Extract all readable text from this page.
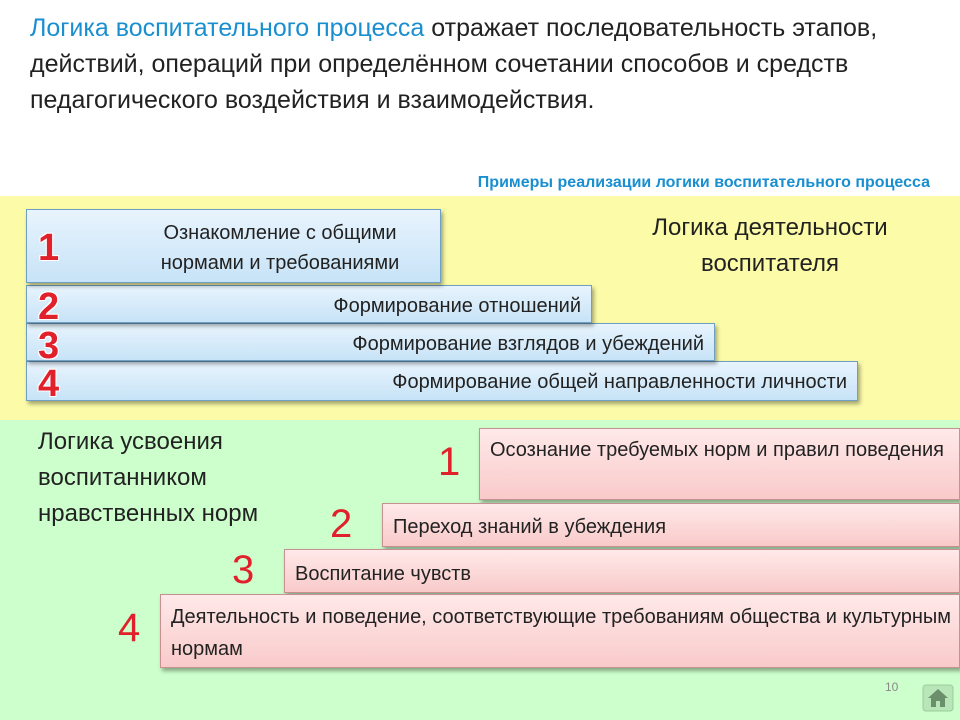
Логика воспитательного процесса отражает последовательность этапов, действий, операций при определённом сочетании способов и средств педагогического воздействия и взаимодействия.

Примеры реализации логики воспитательного процесса
Логика деятельности воспитателя
Логика усвоения воспитанником нравственных норм
Формирование общей направленности личности
Формирование взглядов и убеждений
Формирование отношений
Ознакомление с общими нормами и требованиями
1
2
3
4
Осознание требуемых норм и правил поведения
Переход знаний в убеждения
Воспитание чувств
Деятельность и поведение, соответствующие требованиям общества и культурным нормам
1
2
3
4
10
